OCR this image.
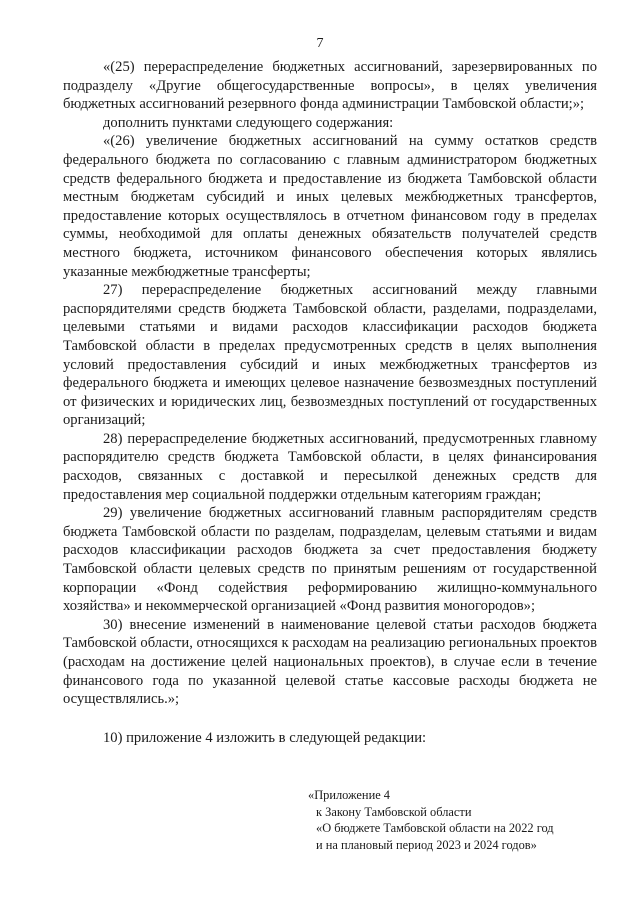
7

«(25) перераспределение бюджетных ассигнований, зарезервированных по подразделу «Другие общегосударственные вопросы», в целях увеличения бюджетных ассигнований резервного фонда администрации Тамбовской области;»;

дополнить пунктами следующего содержания:

«(26) увеличение бюджетных ассигнований на сумму остатков средств федерального бюджета по согласованию с главным администратором бюджетных средств федерального бюджета и предоставление из бюджета Тамбовской области местным бюджетам субсидий и иных целевых межбюджетных трансфертов, предоставление которых осуществлялось в отчетном финансовом году в пределах суммы, необходимой для оплаты денежных обязательств получателей средств местного бюджета, источником финансового обеспечения которых являлись указанные межбюджетные трансферты;

27) перераспределение бюджетных ассигнований между главными распорядителями средств бюджета Тамбовской области, разделами, подразделами, целевыми статьями и видами расходов классификации расходов бюджета Тамбовской области в пределах предусмотренных средств в целях выполнения условий предоставления субсидий и иных межбюджетных трансфертов из федерального бюджета и имеющих целевое назначение безвозмездных поступлений от физических и юридических лиц, безвозмездных поступлений от государственных организаций;

28) перераспределение бюджетных ассигнований, предусмотренных главному распорядителю средств бюджета Тамбовской области, в целях финансирования расходов, связанных с доставкой и пересылкой денежных средств для предоставления мер социальной поддержки отдельным категориям граждан;

29) увеличение бюджетных ассигнований главным распорядителям средств бюджета Тамбовской области по разделам, подразделам, целевым статьями и видам расходов классификации расходов бюджета за счет предоставления бюджету Тамбовской области целевых средств по принятым решениям от государственной корпорации «Фонд содействия реформированию жилищно-коммунального хозяйства» и некоммерческой организацией «Фонд развития моногородов»;

30) внесение изменений в наименование целевой статьи расходов бюджета Тамбовской области, относящихся к расходам на реализацию региональных проектов (расходам на достижение целей национальных проектов), в случае если в течение финансового года по указанной целевой статье кассовые расходы бюджета не осуществлялись.»;

10) приложение 4 изложить в следующей редакции:

«Приложение 4
к Закону Тамбовской области
«О бюджете Тамбовской области на 2022 год
и на плановый период 2023 и 2024 годов»
